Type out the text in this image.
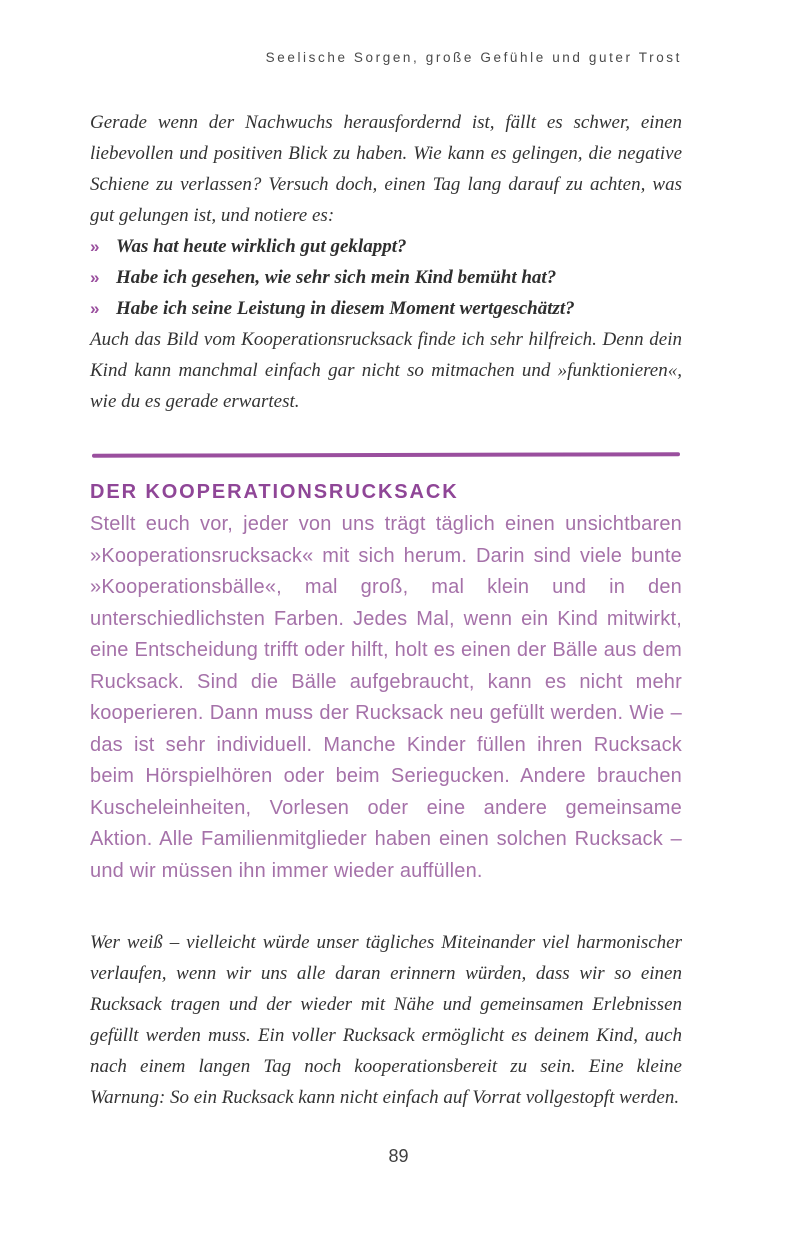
Seelische Sorgen, große Gefühle und guter Trost

Gerade wenn der Nachwuchs herausfordernd ist, fällt es schwer, einen liebevollen und positiven Blick zu haben. Wie kann es gelingen, die negative Schiene zu verlassen? Versuch doch, einen Tag lang darauf zu achten, was gut gelungen ist, und notiere es:

» Was hat heute wirklich gut geklappt?
» Habe ich gesehen, wie sehr sich mein Kind bemüht hat?
» Habe ich seine Leistung in diesem Moment wertgeschätzt?

Auch das Bild vom Kooperationsrucksack finde ich sehr hilfreich. Denn dein Kind kann manchmal einfach gar nicht so mitmachen und »funktionieren«, wie du es gerade erwartest.

DER KOOPERATIONSRUCKSACK

Stellt euch vor, jeder von uns trägt täglich einen unsichtbaren »Kooperationsrucksack« mit sich herum. Darin sind viele bunte »Kooperationsbälle«, mal groß, mal klein und in den unterschiedlichsten Farben. Jedes Mal, wenn ein Kind mitwirkt, eine Entscheidung trifft oder hilft, holt es einen der Bälle aus dem Rucksack. Sind die Bälle aufgebraucht, kann es nicht mehr kooperieren. Dann muss der Rucksack neu gefüllt werden. Wie – das ist sehr individuell. Manche Kinder füllen ihren Rucksack beim Hörspielhören oder beim Seriegucken. Andere brauchen Kuscheleinheiten, Vorlesen oder eine andere gemeinsame Aktion. Alle Familienmitglieder haben einen solchen Rucksack – und wir müssen ihn immer wieder auffüllen.

Wer weiß – vielleicht würde unser tägliches Miteinander viel harmonischer verlaufen, wenn wir uns alle daran erinnern würden, dass wir so einen Rucksack tragen und der wieder mit Nähe und gemeinsamen Erlebnissen gefüllt werden muss. Ein voller Rucksack ermöglicht es deinem Kind, auch nach einem langen Tag noch kooperationsbereit zu sein. Eine kleine Warnung: So ein Rucksack kann nicht einfach auf Vorrat vollgestopft werden.

89
